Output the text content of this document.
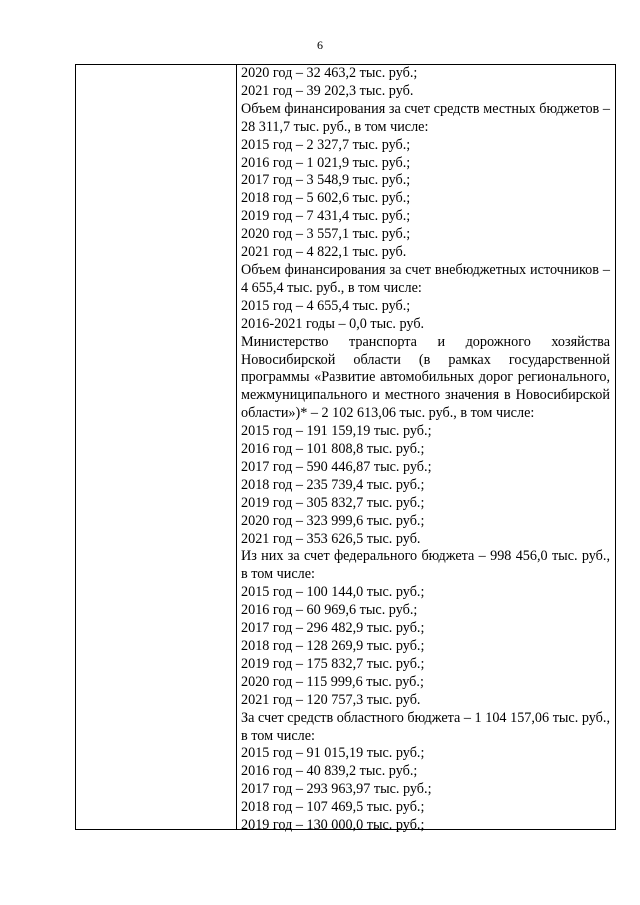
6
2020 год – 32 463,2 тыс. руб.;
2021 год – 39 202,3 тыс. руб.
Объем финансирования за счет средств местных бюджетов – 28 311,7 тыс. руб., в том числе:
2015 год – 2 327,7 тыс. руб.;
2016 год – 1 021,9 тыс. руб.;
2017 год – 3 548,9 тыс. руб.;
2018 год – 5 602,6 тыс. руб.;
2019 год – 7 431,4 тыс. руб.;
2020 год – 3 557,1 тыс. руб.;
2021 год – 4 822,1 тыс. руб.
Объем финансирования за счет внебюджетных источников – 4 655,4 тыс. руб., в том числе:
2015 год – 4 655,4 тыс. руб.;
2016-2021 годы – 0,0 тыс. руб.
Министерство транспорта и дорожного хозяйства Новосибирской области (в рамках государственной программы «Развитие автомобильных дорог регионального, межмуниципального и местного значения в Новосибирской области»)* – 2 102 613,06 тыс. руб., в том числе:
2015 год – 191 159,19 тыс. руб.;
2016 год – 101 808,8 тыс. руб.;
2017 год – 590 446,87 тыс. руб.;
2018 год – 235 739,4 тыс. руб.;
2019 год – 305 832,7 тыс. руб.;
2020 год – 323 999,6 тыс. руб.;
2021 год – 353 626,5 тыс. руб.
Из них за счет федерального бюджета – 998 456,0 тыс. руб., в том числе:
2015 год – 100 144,0 тыс. руб.;
2016 год – 60 969,6 тыс. руб.;
2017 год – 296 482,9 тыс. руб.;
2018 год – 128 269,9 тыс. руб.;
2019 год – 175 832,7 тыс. руб.;
2020 год – 115 999,6 тыс. руб.;
2021 год – 120 757,3 тыс. руб.
За счет средств областного бюджета – 1 104 157,06 тыс. руб., в том числе:
2015 год – 91 015,19 тыс. руб.;
2016 год – 40 839,2 тыс. руб.;
2017 год – 293 963,97 тыс. руб.;
2018 год – 107 469,5 тыс. руб.;
2019 год – 130 000,0 тыс. руб.;
